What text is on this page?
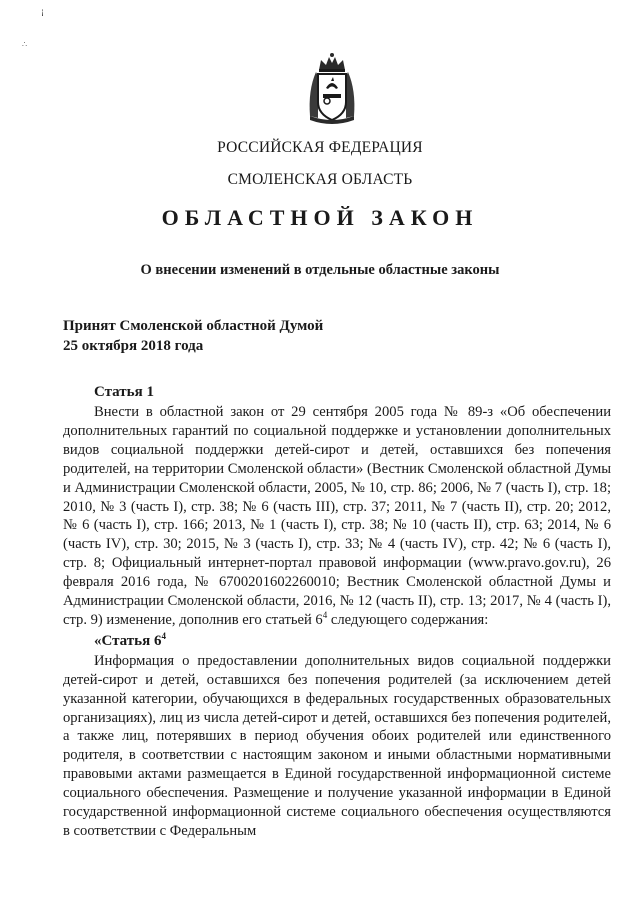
¡
∴
РОССИЙСКАЯ ФЕДЕРАЦИЯ
СМОЛЕНСКАЯ ОБЛАСТЬ
ОБЛАСТНОЙ ЗАКОН
О внесении изменений в отдельные областные законы
Принят Смоленской областной Думой
25 октября 2018 года
Статья 1

Внести в областной закон от 29 сентября 2005 года № 89-з «Об обеспечении дополнительных гарантий по социальной поддержке и установлении дополнительных видов социальной поддержки детей-сирот и детей, оставшихся без попечения родителей, на территории Смоленской области» (Вестник Смоленской областной Думы и Администрации Смоленской области, 2005, № 10, стр. 86; 2006, № 7 (часть I), стр. 18; 2010, № 3 (часть I), стр. 38; № 6 (часть III), стр. 37; 2011, № 7 (часть II), стр. 20; 2012, № 6 (часть I), стр. 166; 2013, № 1 (часть I), стр. 38; № 10 (часть II), стр. 63; 2014, № 6 (часть IV), стр. 30; 2015, № 3 (часть I), стр. 33; № 4 (часть IV), стр. 42; № 6 (часть I), стр. 8; Официальный интернет-портал правовой информации (www.pravo.gov.ru), 26 февраля 2016 года, № 6700201602260010; Вестник Смоленской областной Думы и Администрации Смоленской области, 2016, № 12 (часть II), стр. 13; 2017, № 4 (часть I), стр. 9) изменение, дополнив его статьей $6^4$ следующего содержания:

«Статья $6^4$

Информация о предоставлении дополнительных видов социальной поддержки детей-сирот и детей, оставшихся без попечения родителей (за исключением детей указанной категории, обучающихся в федеральных государственных образовательных организациях), лиц из числа детей-сирот и детей, оставшихся без попечения родителей, а также лиц, потерявших в период обучения обоих родителей или единственного родителя, в соответствии с настоящим законом и иными областными нормативными правовыми актами размещается в Единой государственной информационной системе социального обеспечения. Размещение и получение указанной информации в Единой государственной информационной системе социального обеспечения осуществляются в соответствии с Федеральным
